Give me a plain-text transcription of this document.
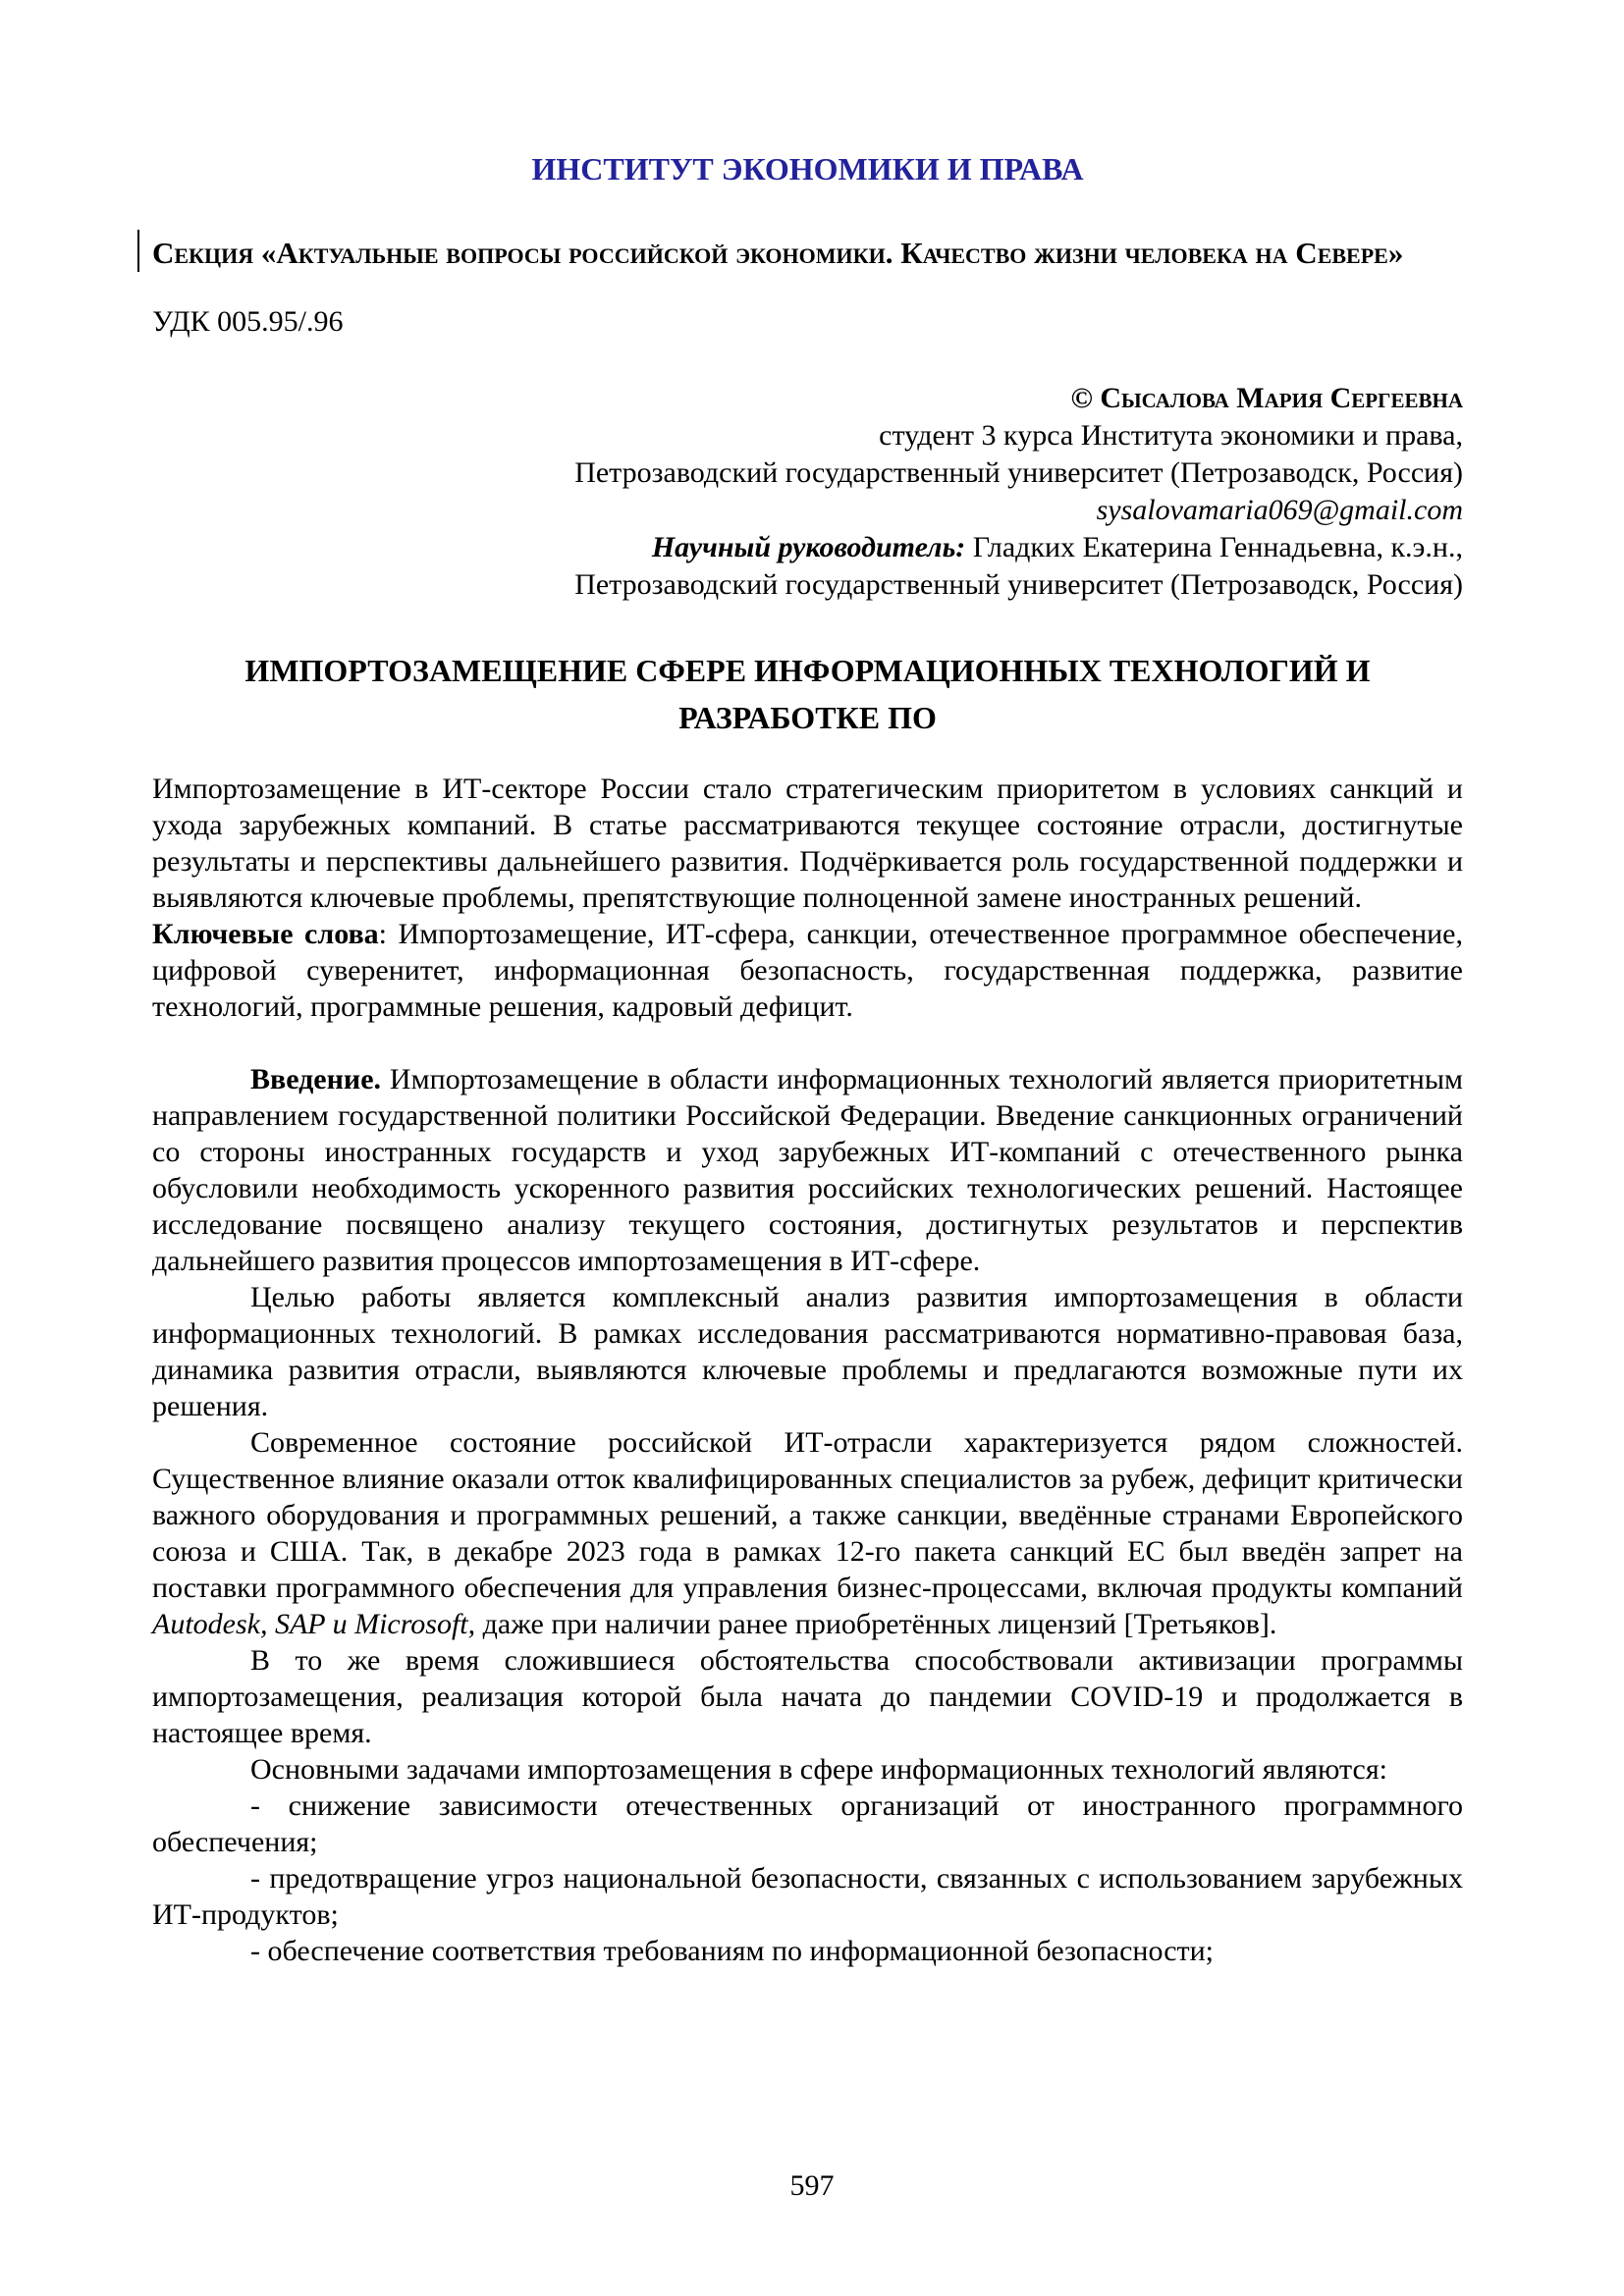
ИНСТИТУТ ЭКОНОМИКИ И ПРАВА
Секция «Актуальные вопросы российской экономики. Качество жизни человека на Севере»
УДК 005.95/.96
© Сысалова Мария Сергеевна
студент 3 курса Института экономики и права,
Петрозаводский государственный университет (Петрозаводск, Россия)
sysalovamaria069@gmail.com
Научный руководитель: Гладких Екатерина Геннадьевна, к.э.н.,
Петрозаводский государственный университет (Петрозаводск, Россия)
ИМПОРТОЗАМЕЩЕНИЕ СФЕРЕ ИНФОРМАЦИОННЫХ ТЕХНОЛОГИЙ И РАЗРАБОТКЕ ПО

Импортозамещение в ИТ-секторе России стало стратегическим приоритетом в условиях санкций и ухода зарубежных компаний. В статье рассматриваются текущее состояние отрасли, достигнутые результаты и перспективы дальнейшего развития. Подчёркивается роль государственной поддержки и выявляются ключевые проблемы, препятствующие полноценной замене иностранных решений.

Ключевые слова: Импортозамещение, ИТ-сфера, санкции, отечественное программное обеспечение, цифровой суверенитет, информационная безопасность, государственная поддержка, развитие технологий, программные решения, кадровый дефицит.

Введение. Импортозамещение в области информационных технологий является приоритетным направлением государственной политики Российской Федерации. Введение санкционных ограничений со стороны иностранных государств и уход зарубежных ИТ-компаний с отечественного рынка обусловили необходимость ускоренного развития российских технологических решений. Настоящее исследование посвящено анализу текущего состояния, достигнутых результатов и перспектив дальнейшего развития процессов импортозамещения в ИТ-сфере.

Целью работы является комплексный анализ развития импортозамещения в области информационных технологий. В рамках исследования рассматриваются нормативно-правовая база, динамика развития отрасли, выявляются ключевые проблемы и предлагаются возможные пути их решения.

Современное состояние российской ИТ-отрасли характеризуется рядом сложностей. Существенное влияние оказали отток квалифицированных специалистов за рубеж, дефицит критически важного оборудования и программных решений, а также санкции, введённые странами Европейского союза и США. Так, в декабре 2023 года в рамках 12-го пакета санкций ЕС был введён запрет на поставки программного обеспечения для управления бизнес-процессами, включая продукты компаний Autodesk, SAP и Microsoft, даже при наличии ранее приобретённых лицензий [Третьяков].

В то же время сложившиеся обстоятельства способствовали активизации программы импортозамещения, реализация которой была начата до пандемии COVID-19 и продолжается в настоящее время.

Основными задачами импортозамещения в сфере информационных технологий являются:

- снижение зависимости отечественных организаций от иностранного программного обеспечения;

- предотвращение угроз национальной безопасности, связанных с использованием зарубежных ИТ-продуктов;

- обеспечение соответствия требованиям по информационной безопасности;

597
